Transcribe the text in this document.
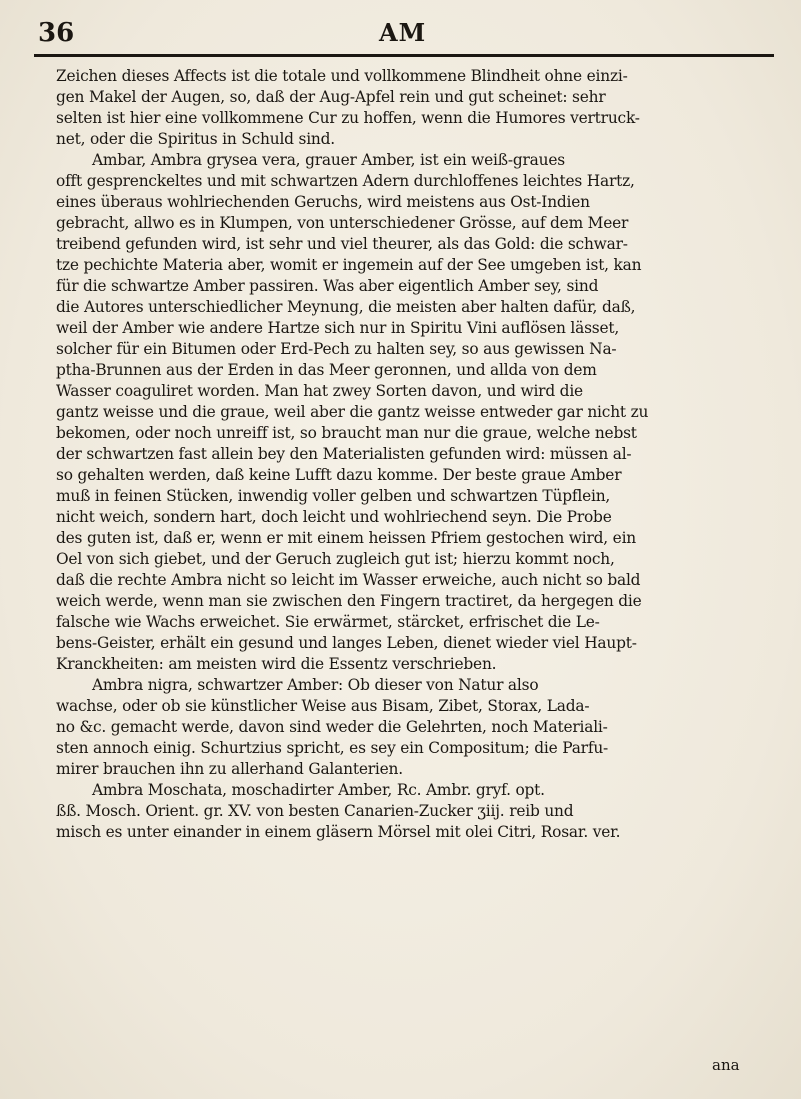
36	AM
Zeichen dieses Affects ist die totale und vollkommene Blindheit ohne einzi-
gen Makel der Augen, so, daß der Aug-Apfel rein und gut scheinet: sehr
selten ist hier eine vollkommene Cur zu hoffen, wenn die Humores vertruck-
net, oder die Spiritus in Schuld sind.
Ambar, Ambra grysea vera, grauer Amber, ist ein weiß-graues
offt gesprenckeltes und mit schwartzen Adern durchloffenes leichtes Hartz,
eines überaus wohlriechenden Geruchs, wird meistens aus Ost-Indien
gebracht, allwo es in Klumpen, von unterschiedener Grösse, auf dem Meer
treibend gefunden wird, ist sehr und viel theurer, als das Gold: die schwar-
tze pechichte Materia aber, womit er ingemein auf der See umgeben ist, kan
für die schwartze Amber passiren. Was aber eigentlich Amber sey, sind
die Autores unterschiedlicher Meynung, die meisten aber halten dafür, daß,
weil der Amber wie andere Hartze sich nur in Spiritu Vini auflösen lässet,
solcher für ein Bitumen oder Erd-Pech zu halten sey, so aus gewissen Na-
ptha-Brunnen aus der Erden in das Meer geronnen, und allda von dem
Wasser coaguliret worden. Man hat zwey Sorten davon, und wird die
gantz weisse und die graue, weil aber die gantz weisse entweder gar nicht zu
bekomen, oder noch unreiff ist, so braucht man nur die graue, welche nebst
der schwartzen fast allein bey den Materialisten gefunden wird: müssen al-
so gehalten werden, daß keine Lufft dazu komme. Der beste graue Amber
muß in feinen Stücken, inwendig voller gelben und schwartzen Tüpflein,
nicht weich, sondern hart, doch leicht und wohlriechend seyn. Die Probe
des guten ist, daß er, wenn er mit einem heissen Pfriem gestochen wird, ein
Oel von sich giebet, und der Geruch zugleich gut ist; hierzu kommt noch,
daß die rechte Ambra nicht so leicht im Wasser erweiche, auch nicht so bald
weich werde, wenn man sie zwischen den Fingern tractiret, da hergegen die
falsche wie Wachs erweichet. Sie erwärmet, stärcket, erfrischet die Le-
bens-Geister, erhält ein gesund und langes Leben, dienet wieder viel Haupt-
Kranckheiten: am meisten wird die Essentz verschrieben.
Ambra nigra, schwartzer Amber: Ob dieser von Natur also
wachse, oder ob sie künstlicher Weise aus Bisam, Zibet, Storax, Lada-
no &c. gemacht werde, davon sind weder die Gelehrten, noch Materiali-
sten annoch einig. Schurtzius spricht, es sey ein Compositum; die Parfu-
mirer brauchen ihn zu allerhand Galanterien.
Ambra Moschata, moschadirter Amber, Rc. Ambr. gryf. opt.
ßß. Mosch. Orient. gr. XV. von besten Canarien-Zucker ʒiij. reib und
misch es unter einander in einem gläsern Mörsel mit olei Citri, Rosar. ver.
ana
